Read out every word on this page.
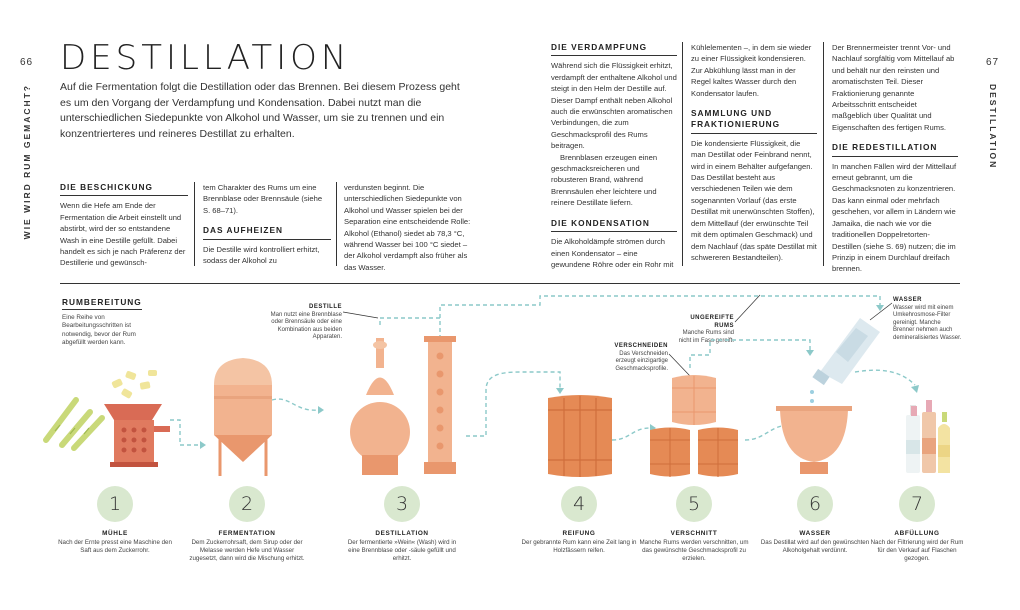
66	67
WIE WIRD RUM GEMACHT?	DESTILLATION
DESTILLATION
Auf die Fermentation folgt die Destillation oder das Brennen. Bei diesem Prozess geht es um den Vorgang der Verdampfung und Kondensation. Dabei nutzt man die unterschiedlichen Siedepunkte von Alkohol und Wasser, um sie zu trennen und ein konzentrierteres und reineres Destillat zu erhalten.
DIE BESCHICKUNG

Wenn die Hefe am Ende der Fermentation die Arbeit einstellt und abstirbt, wird der so entstandene Wash in eine Destille gefüllt. Dabei handelt es sich je nach Präferenz der Destillerie und gewünsch-

tem Charakter des Rums um eine Brennblase oder Brennsäule (siehe S. 68–71).

DAS AUFHEIZEN

Die Destille wird kontrolliert erhitzt, sodass der Alkohol zu

verdunsten beginnt. Die unterschiedlichen Siedepunkte von Alkohol und Wasser spielen bei der Separation eine entscheidende Rolle: Alkohol (Ethanol) siedet ab 78,3 °C, während Wasser bei 100 °C siedet – der Alkohol verdampft also früher als das Wasser.

DIE VERDAMPFUNG

Während sich die Flüssigkeit erhitzt, verdampft der enthaltene Alkohol und steigt in den Helm der Destille auf. Dieser Dampf enthält neben Alkohol auch die erwünschten aromatischen Verbindungen, die zum Geschmacksprofil des Rums beitragen.

Brennblasen erzeugen einen geschmacksreicheren und robusteren Brand, während Brennsäulen eher leichtere und reinere Destillate liefern.

DIE KONDENSATION

Die Alkoholdämpfe strömen durch einen Kondensator – eine gewundene Röhre oder ein Rohr mit

Kühlelementen –, in dem sie wieder zu einer Flüssigkeit kondensieren. Zur Abkühlung lässt man in der Regel kaltes Wasser durch den Kondensator laufen.

SAMMLUNG UND FRAKTIONIERUNG

Die kondensierte Flüssigkeit, die man Destillat oder Feinbrand nennt, wird in einem Behälter aufgefangen. Das Destillat besteht aus verschiedenen Teilen wie dem sogenannten Vorlauf (das erste Destillat mit unerwünschten Stoffen), dem Mittellauf (der erwünschte Teil mit dem optimalen Geschmack) und dem Nachlauf (das späte Destillat mit schwereren Bestandteilen).

Der Brennermeister trennt Vor- und Nachlauf sorgfältig vom Mittellauf ab und behält nur den reinsten und aromatischsten Teil. Dieser Fraktionierung genannte Arbeitsschritt entscheidet maßgeblich über Qualität und Eigenschaften des fertigen Rums.

DIE REDESTILLATION

In manchen Fällen wird der Mittellauf erneut gebrannt, um die Geschmacksnoten zu konzentrieren. Das kann einmal oder mehrfach geschehen, vor allem in Ländern wie Jamaika, die nach wie vor die traditionellen Doppelretorten-Destillen (siehe S. 69) nutzen; die im Prinzip in einem Durchlauf dreifach brennen.

RUMBEREITUNG
Eine Reihe von Bearbeitungsschritten ist notwendig, bevor der Rum abgefüllt werden kann.
DESTILLE
Man nutzt eine Brennblase oder Brennsäule oder eine Kombination aus beiden Apparaten.
VERSCHNEIDEN
Das Verschneiden erzeugt einzigartige Geschmacksprofile.
UNGEREIFTE RUMS
Manche Rums sind nicht im Fass gereift.
WASSER
Wasser wird mit einem Umkehrosmose-Filter gereinigt. Manche Brenner nehmen auch demineralisiertes Wasser.
1	2	3	4	5	6	7
MÜHLE
Nach der Ernte presst eine Maschine den Saft aus dem Zuckerrohr.
FERMENTATION
Dem Zuckerrohrsaft, dem Sirup oder der Melasse werden Hefe und Wasser zugesetzt, dann wird die Mischung erhitzt.
DESTILLATION
Der fermentierte »Wein« (Wash) wird in eine Brennblase oder -säule gefüllt und erhitzt.
REIFUNG
Der gebrannte Rum kann eine Zeit lang in Holzfässern reifen.
VERSCHNITT
Manche Rums werden verschnitten, um das gewünschte Geschmacksprofil zu erzielen.
WASSER
Das Destillat wird auf den gewünschten Alkoholgehalt verdünnt.
ABFÜLLUNG
Nach der Filtrierung wird der Rum für den Verkauf auf Flaschen gezogen.
